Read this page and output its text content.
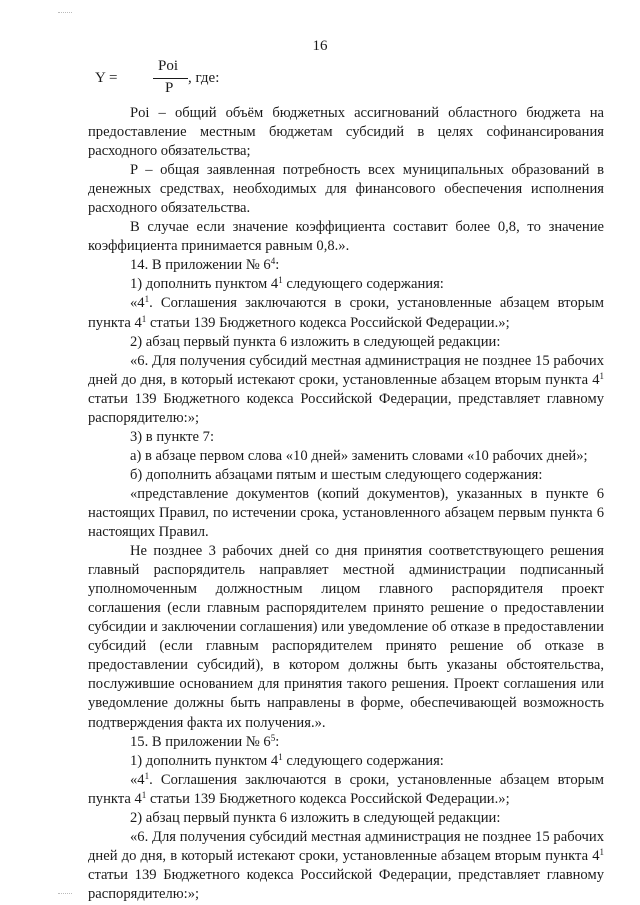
16
Y =
Poi
P
, где:

Poi – общий объём бюджетных ассигнований областного бюджета на предоставление местным бюджетам субсидий в целях софинансирования расходного обязательства;

P – общая заявленная потребность всех муниципальных образований в денежных средствах, необходимых для финансового обеспечения исполнения расходного обязательства.

В случае если значение коэффициента составит более 0,8, то значение коэффициента принимается равным 0,8.».

14. В приложении № $6^4$:

1) дополнить пунктом $4^1$ следующего содержания:

«$4^1$. Соглашения заключаются в сроки, установленные абзацем вторым пункта $4^1$ статьи 139 Бюджетного кодекса Российской Федерации.»;

2) абзац первый пункта 6 изложить в следующей редакции:

«6. Для получения субсидий местная администрация не позднее 15 рабочих дней до дня, в который истекают сроки, установленные абзацем вторым пункта $4^1$ статьи 139 Бюджетного кодекса Российской Федерации, представляет главному распорядителю:»;

3) в пункте 7:

а) в абзаце первом слова «10 дней» заменить словами «10 рабочих дней»;

б) дополнить абзацами пятым и шестым следующего содержания:

«представление документов (копий документов), указанных в пункте 6 настоящих Правил, по истечении срока, установленного абзацем первым пункта 6 настоящих Правил.

Не позднее 3 рабочих дней со дня принятия соответствующего решения главный распорядитель направляет местной администрации подписанный уполномоченным должностным лицом главного распорядителя проект соглашения (если главным распорядителем принято решение о предоставлении субсидии и заключении соглашения) или уведомление об отказе в предоставлении субсидий (если главным распорядителем принято решение об отказе в предоставлении субсидий), в котором должны быть указаны обстоятельства, послужившие основанием для принятия такого решения. Проект соглашения или уведомление должны быть направлены в форме, обеспечивающей возможность подтверждения факта их получения.».

15. В приложении № $6^5$:

1) дополнить пунктом $4^1$ следующего содержания:

«$4^1$. Соглашения заключаются в сроки, установленные абзацем вторым пункта $4^1$ статьи 139 Бюджетного кодекса Российской Федерации.»;

2) абзац первый пункта 6 изложить в следующей редакции:

«6. Для получения субсидий местная администрация не позднее 15 рабочих дней до дня, в который истекают сроки, установленные абзацем вторым пункта $4^1$ статьи 139 Бюджетного кодекса Российской Федерации, представляет главному распорядителю:»;
